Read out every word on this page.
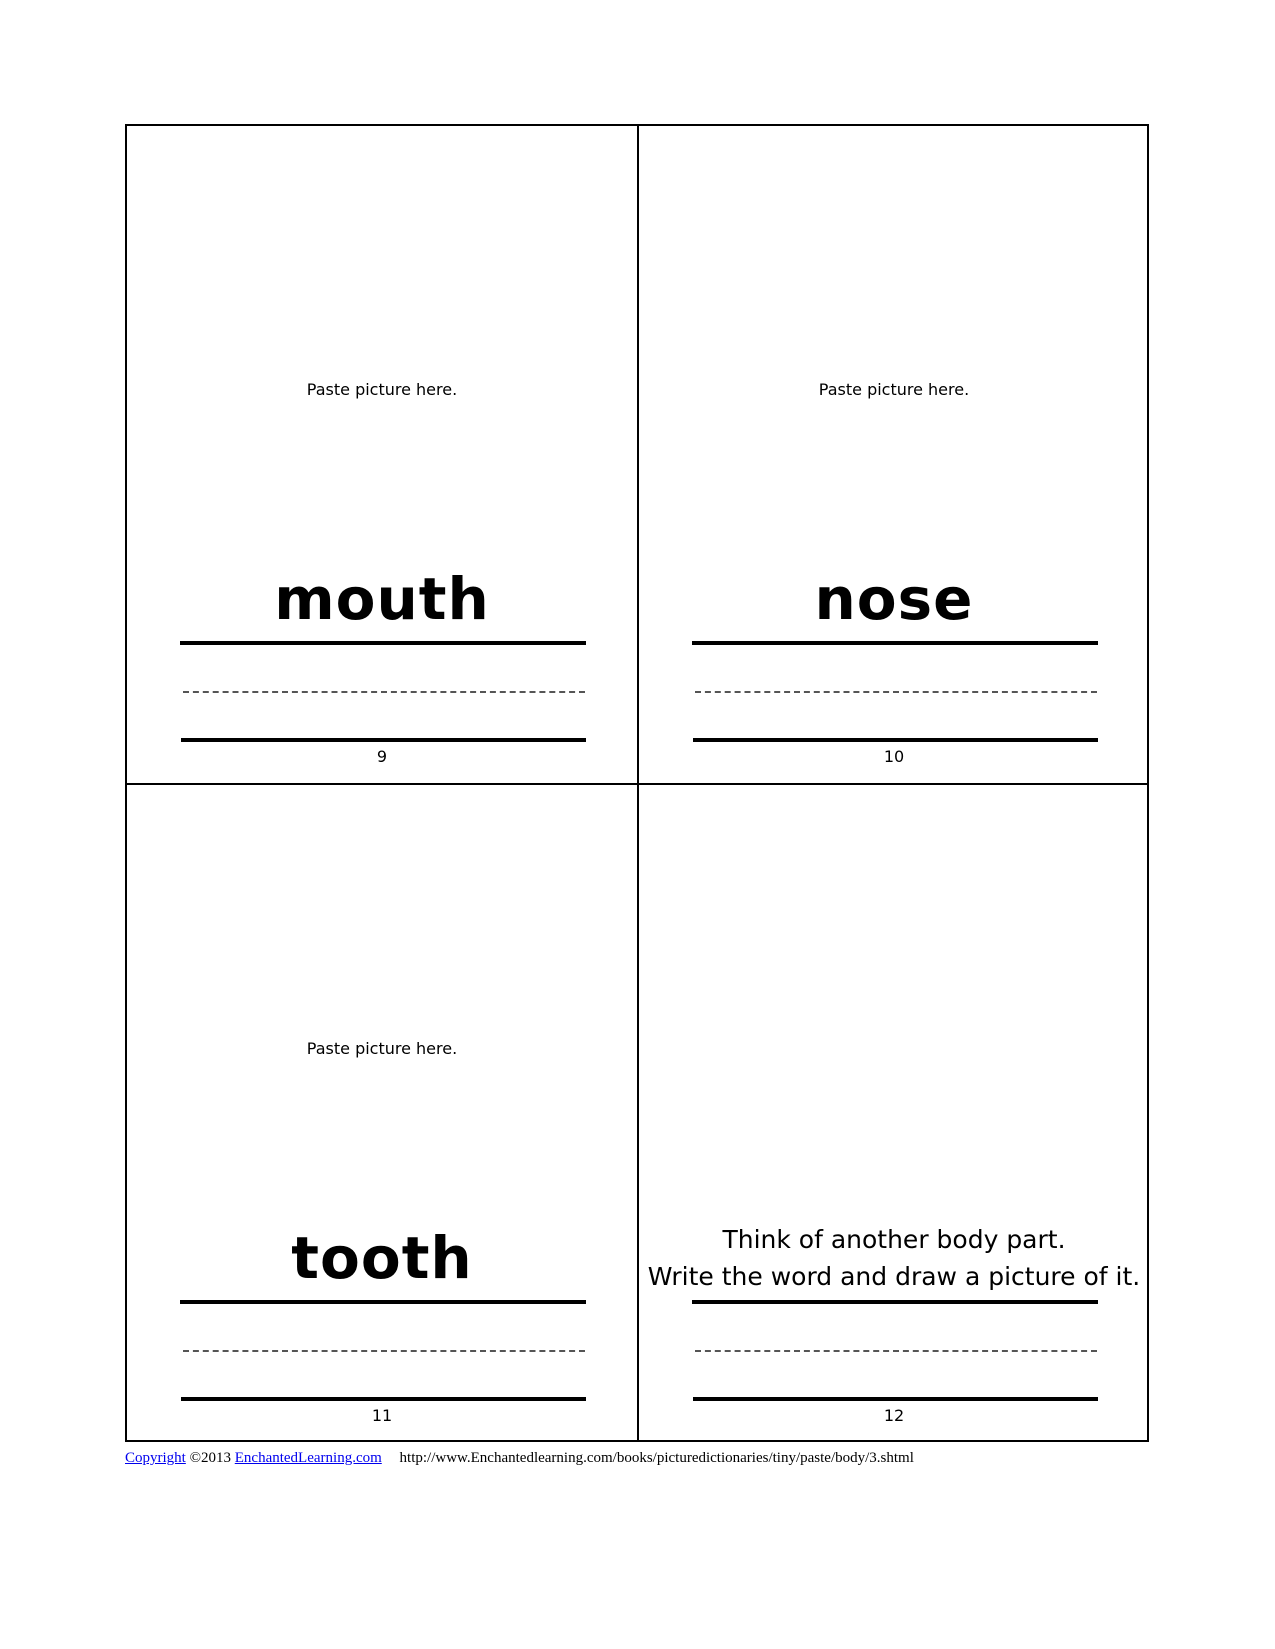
Paste picture here.
mouth
9
Paste picture here.
nose
10
Paste picture here.
tooth
11
Think of another body part.
Write the word and draw a picture of it.
12
Copyright ©2013 EnchantedLearning.com http://www.Enchantedlearning.com/books/picturedictionaries/tiny/paste/body/3.shtml
